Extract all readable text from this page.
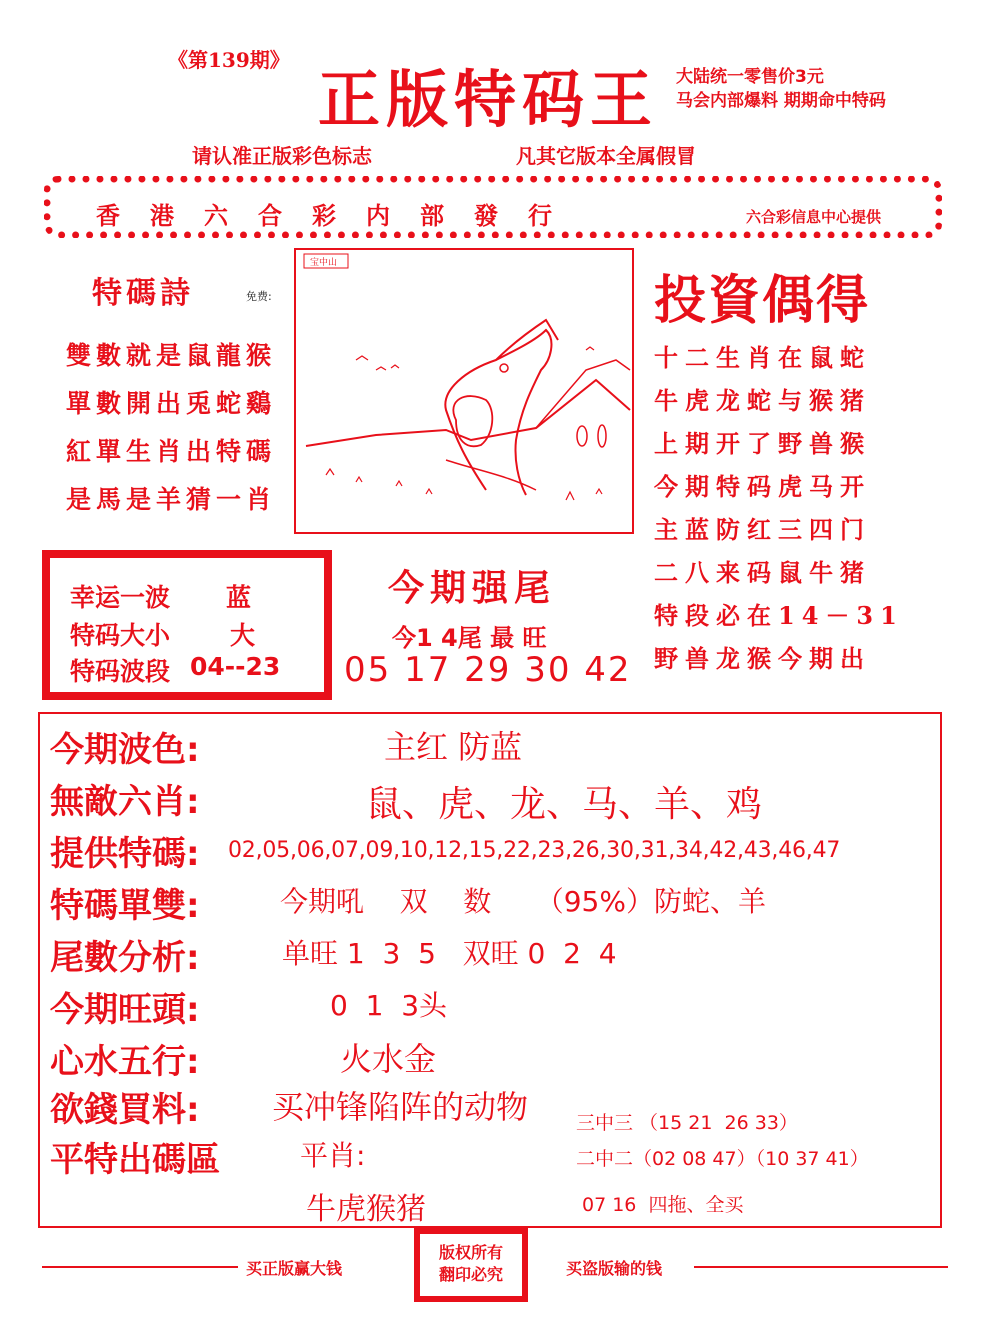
《第139期》
正版特码王 大陆统一零售价3元
马会内部爆料 期期命中特码
请认准正版彩色标志	凡其它版本全属假冒
香港六合彩内部發行	六合彩信息中心提供
特碼詩	免费:
雙數就是鼠龍猴
單數開出兎蛇鷄
紅單生肖出特碼
是馬是羊猜一肖
宝中山
投資偶得
十二生肖在鼠蛇
牛虎龙蛇与猴猪
上期开了野兽猴
今期特码虎马开
主蓝防红三四门
二八来码鼠牛猪
特段必在14－31
野兽龙猴今期出
幸运一波 蓝
特码大小 大
特码波段 04--23
今期强尾
今1 4尾 最 旺
05 17 29 30 42
今期波色:	主红 防蓝
無敵六肖:	鼠、虎、龙、马、羊、鸡
提供特碼: 02,05,06,07,09,10,12,15,22,23,26,30,31,34,42,43,46,47
特碼單雙:	今期吼    双    数     （95%）防蛇、羊
尾數分析:	单旺 1  3  5   双旺 0  2  4
今期旺頭:	0  1  3头
心水五行:	火水金
欲錢買料: 买冲锋陷阵的动物
平特出碼區	平肖:
牛虎猴猪
三中三 （15 21  26 33）
二中二（02 08 47）（10 37 41）
07 16  四拖、全买
买正版赢大钱
版权所有
翻印必究	买盗版输的钱
